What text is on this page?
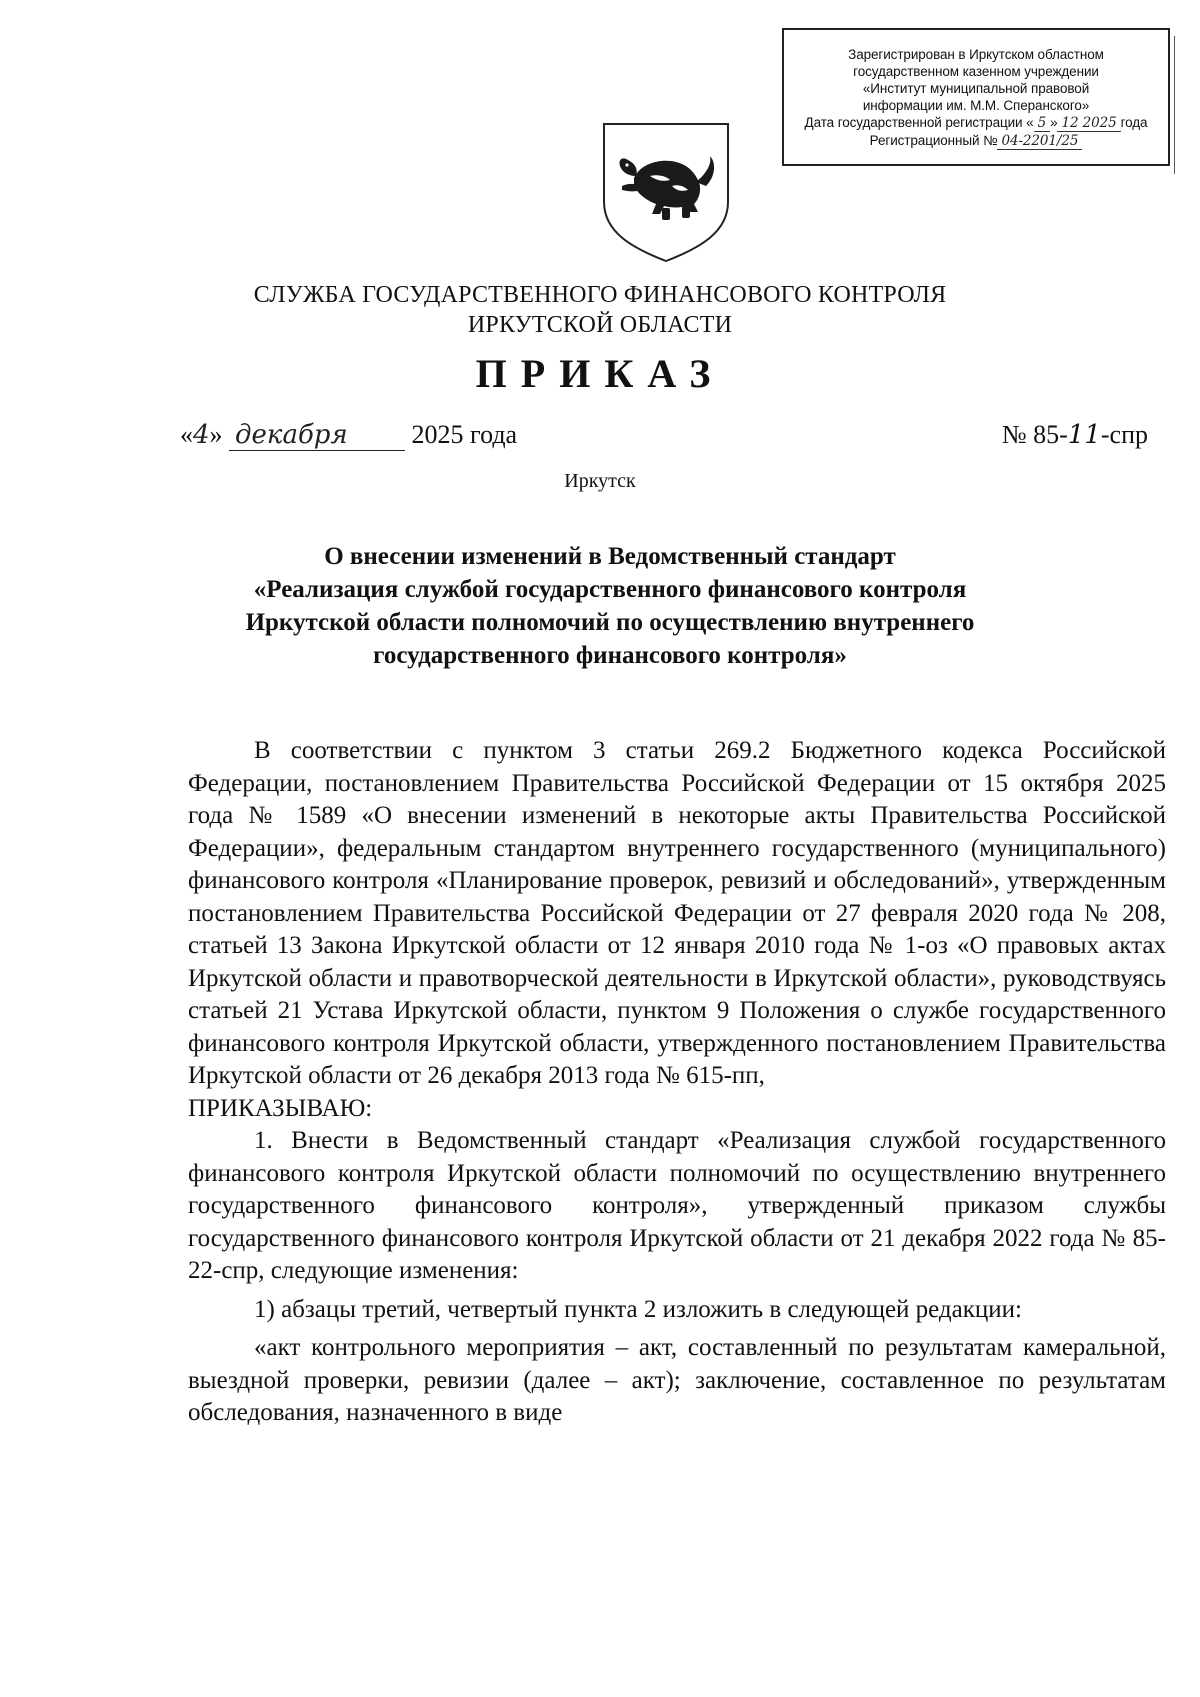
Зарегистрирован в Иркутском областном
государственном казенном учреждении
«Институт муниципальной правовой
информации им. М.М. Сперанского»
Дата государственной регистрации « 5 » 12 2025 года
Регистрационный № 04-2201/25
СЛУЖБА ГОСУДАРСТВЕННОГО ФИНАНСОВОГО КОНТРОЛЯ
ИРКУТСКОЙ ОБЛАСТИ
ПРИКАЗ
«4» декабря 2025 года	№ 85-11-спр
Иркутск
О внесении изменений в Ведомственный стандарт
«Реализация службой государственного финансового контроля
Иркутской области полномочий по осуществлению внутреннего
государственного финансового контроля»

В соответствии с пунктом 3 статьи 269.2 Бюджетного кодекса Российской Федерации, постановлением Правительства Российской Федерации от 15 октября 2025 года № 1589 «О внесении изменений в некоторые акты Правительства Российской Федерации», федеральным стандартом внутреннего государственного (муниципального) финансового контроля «Планирование проверок, ревизий и обследований», утвержденным постановлением Правительства Российской Федерации от 27 февраля 2020 года № 208, статьей 13 Закона Иркутской области от 12 января 2010 года № 1-оз «О правовых актах Иркутской области и правотворческой деятельности в Иркутской области», руководствуясь статьей 21 Устава Иркутской области, пунктом 9 Положения о службе государственного финансового контроля Иркутской области, утвержденного постановлением Правительства Иркутской области от 26 декабря 2013 года № 615-пп,

ПРИКАЗЫВАЮ:

1. Внести в Ведомственный стандарт «Реализация службой государственного финансового контроля Иркутской области полномочий по осуществлению внутреннего государственного финансового контроля», утвержденный приказом службы государственного финансового контроля Иркутской области от 21 декабря 2022 года № 85-22-спр, следующие изменения:

1) абзацы третий, четвертый пункта 2 изложить в следующей редакции:

«акт контрольного мероприятия – акт, составленный по результатам камеральной, выездной проверки, ревизии (далее – акт); заключение, составленное по результатам обследования, назначенного в виде
